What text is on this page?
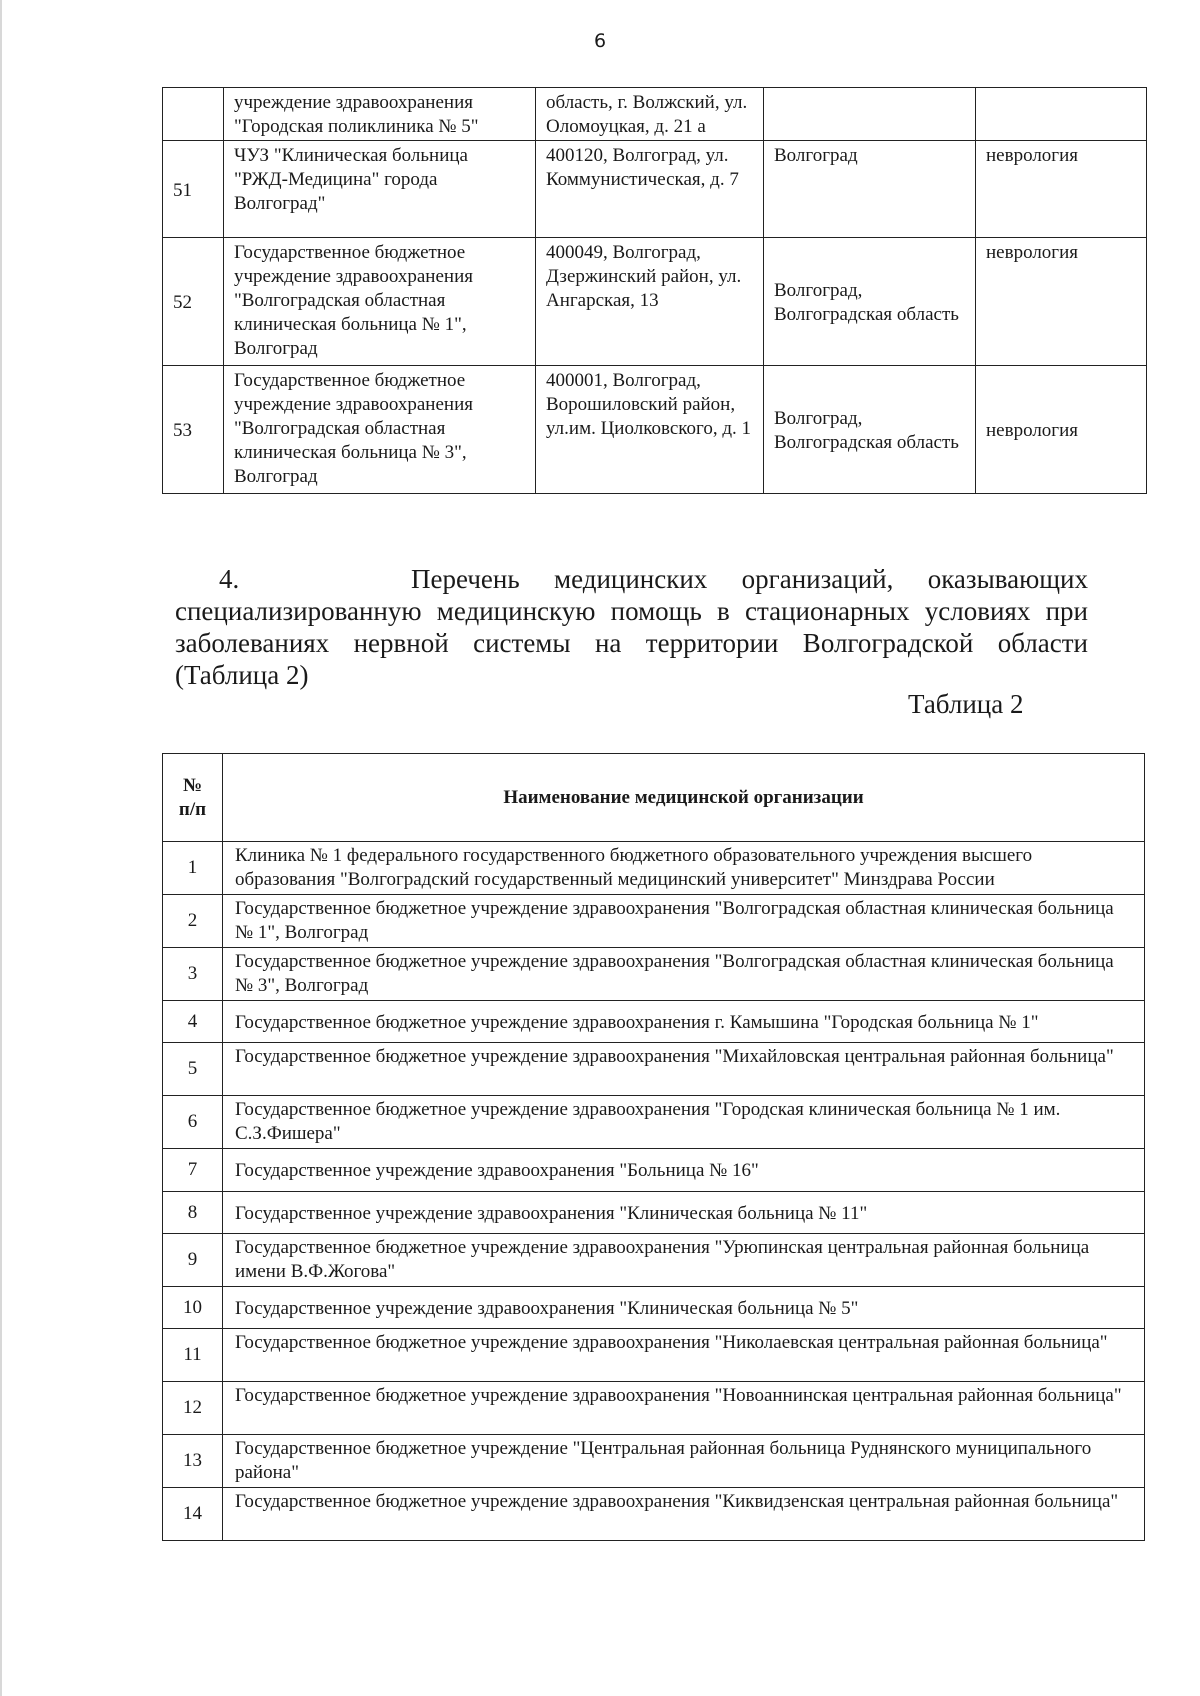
6
	учреждение здравоохранения "Городская поликлиника № 5"	область, г. Волжский, ул. Оломоуцкая, д. 21 а		
51	ЧУЗ "Клиническая больница "РЖД-Медицина" города Волгоград"	400120, Волгоград, ул. Коммунистическая, д. 7	Волгоград	неврология
52	Государственное бюджетное учреждение здравоохранения "Волгоградская областная клиническая больница № 1", Волгоград	400049, Волгоград, Дзержинский район, ул. Ангарская, 13	Волгоград, Волгоградская область	неврология
53	Государственное бюджетное учреждение здравоохранения "Волгоградская областная клиническая больница № 3", Волгоград	400001, Волгоград, Ворошиловский район, ул.им. Циолковского, д. 1	Волгоград, Волгоградская область	неврология
4.	Перечень медицинских организаций, оказывающих специализированную медицинскую помощь в стационарных условиях при заболеваниях нервной системы на территории Волгоградской области (Таблица 2)
Таблица 2
№ п/п	Наименование медицинской организации
1	Клиника № 1 федерального государственного бюджетного образовательного учреждения высшего образования "Волгоградский государственный медицинский университет" Минздрава России
2	Государственное бюджетное учреждение здравоохранения "Волгоградская областная клиническая больница № 1", Волгоград
3	Государственное бюджетное учреждение здравоохранения "Волгоградская областная клиническая больница № 3", Волгоград
4	Государственное бюджетное учреждение здравоохранения г. Камышина "Городская больница № 1"
5	Государственное бюджетное учреждение здравоохранения "Михайловская центральная районная больница"
6	Государственное бюджетное учреждение здравоохранения "Городская клиническая больница № 1 им. С.З.Фишера"
7	Государственное учреждение здравоохранения "Больница № 16"
8	Государственное учреждение здравоохранения "Клиническая больница № 11"
9	Государственное бюджетное учреждение здравоохранения "Урюпинская центральная районная больница имени В.Ф.Жогова"
10	Государственное учреждение здравоохранения "Клиническая больница № 5"
11	Государственное бюджетное учреждение здравоохранения "Николаевская центральная районная больница"
12	Государственное бюджетное учреждение здравоохранения "Новоаннинская центральная районная больница"
13	Государственное бюджетное учреждение "Центральная районная больница Руднянского муниципального района"
14	Государственное бюджетное учреждение здравоохранения "Киквидзенская центральная районная больница"
